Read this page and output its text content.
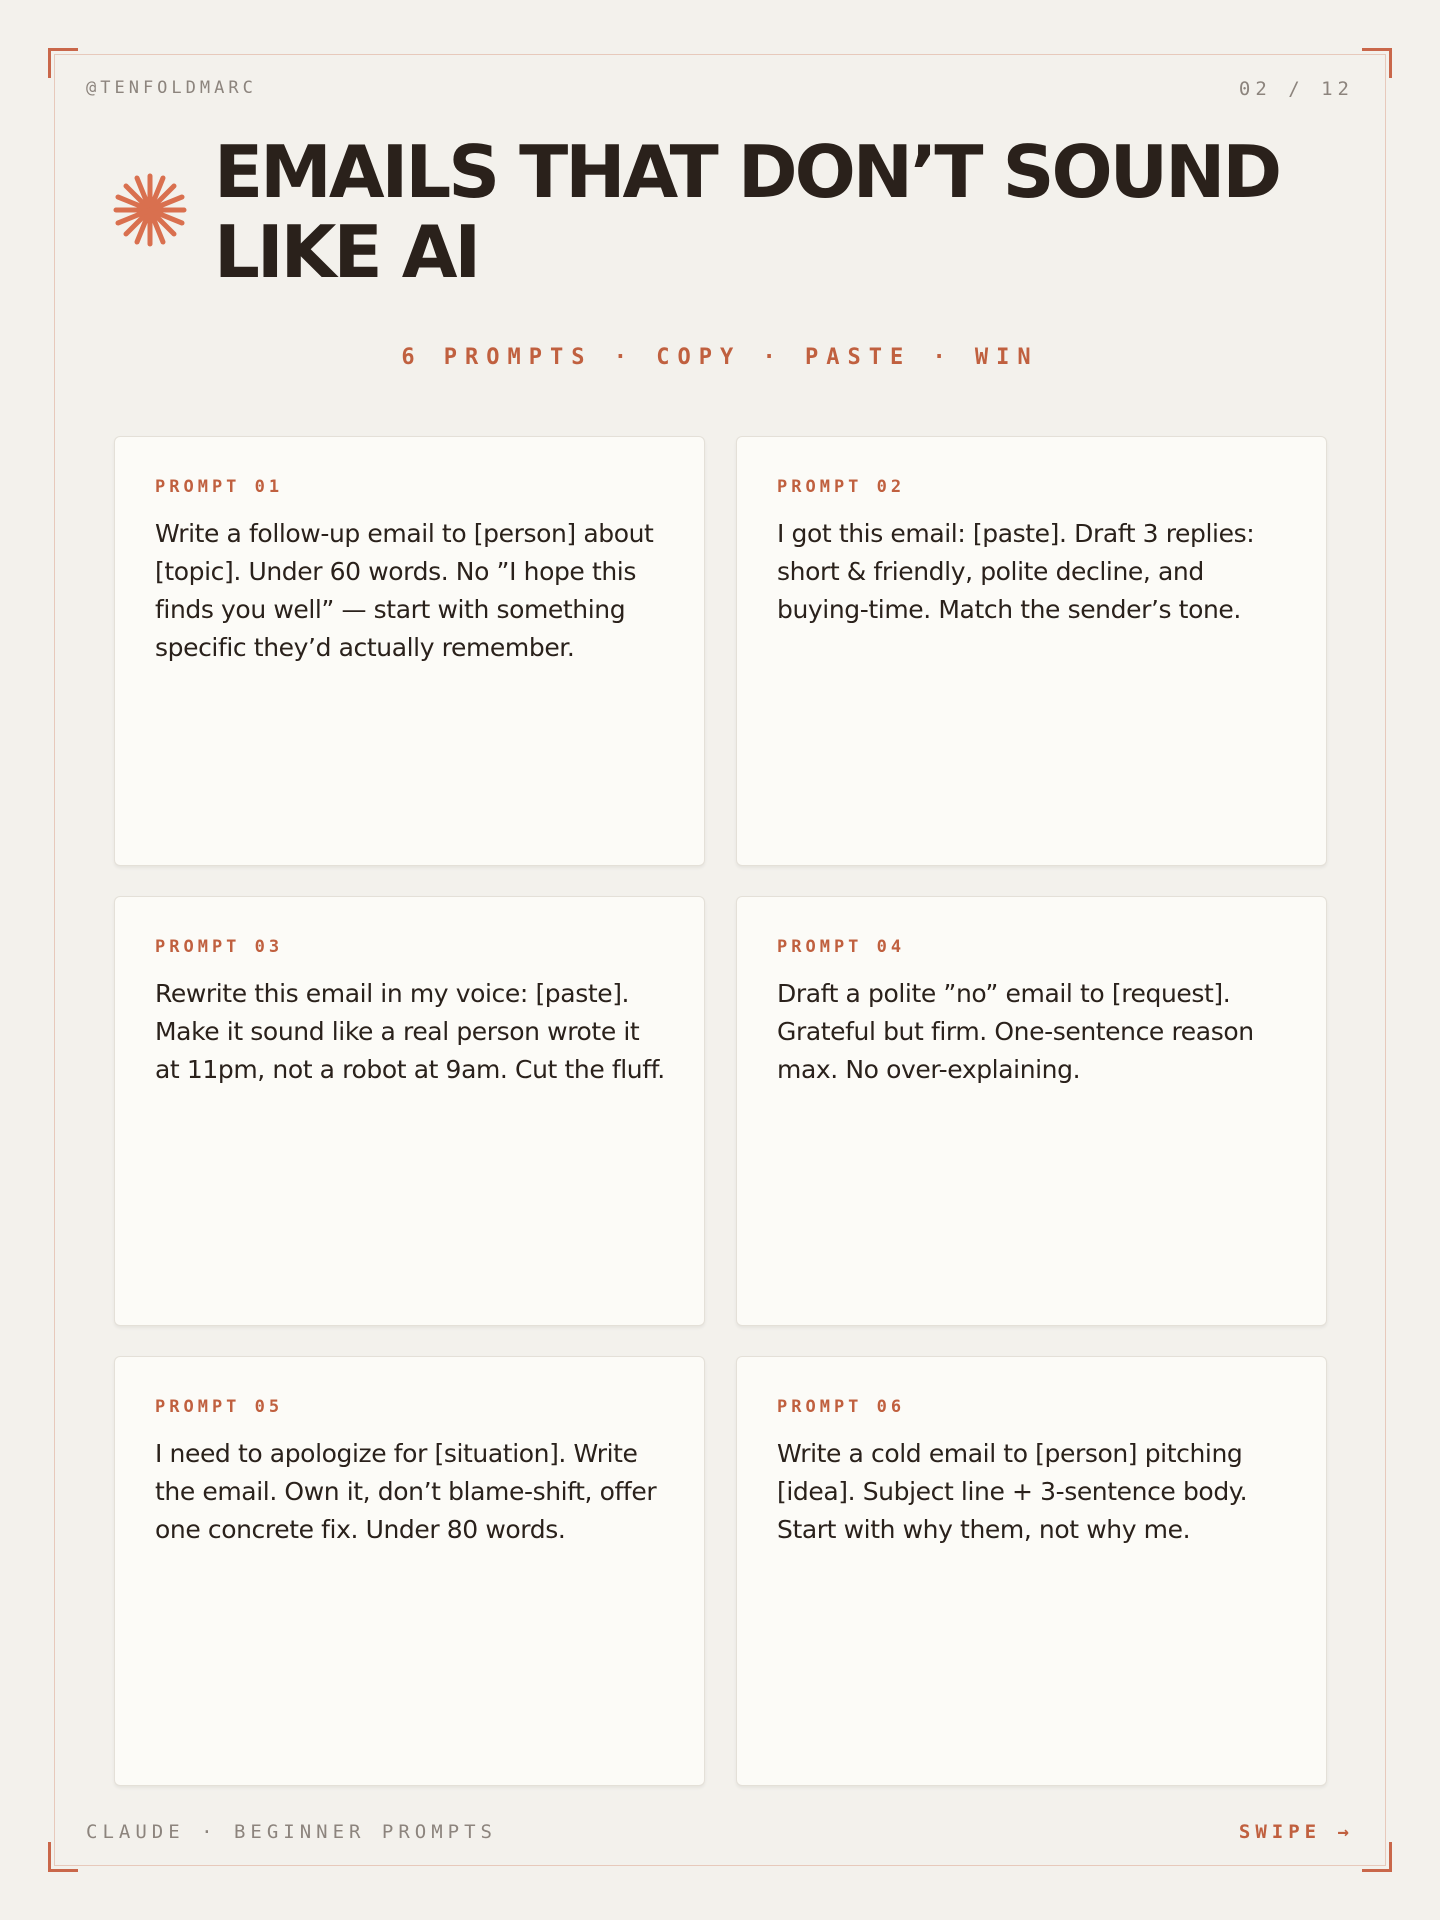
@TENFOLDMARC	02 / 12
EMAILS THAT DON’T SOUND LIKE AI
6 PROMPTS · COPY · PASTE · WIN
PROMPT 01
Write a follow-up email to [person] about [topic]. Under 60 words. No ”I hope this finds you well” — start with something specific they’d actually remember.
PROMPT 02
I got this email: [paste]. Draft 3 replies: short & friendly, polite decline, and buying-time. Match the sender’s tone.
PROMPT 03
Rewrite this email in my voice: [paste]. Make it sound like a real person wrote it at 11pm, not a robot at 9am. Cut the fluff.
PROMPT 04
Draft a polite ”no” email to [request]. Grateful but firm. One-sentence reason max. No over-explaining.
PROMPT 05
I need to apologize for [situation]. Write the email. Own it, don’t blame-shift, offer one concrete fix. Under 80 words.
PROMPT 06
Write a cold email to [person] pitching [idea]. Subject line + 3-sentence body. Start with why them, not why me.
CLAUDE · BEGINNER PROMPTS	SWIPE →
